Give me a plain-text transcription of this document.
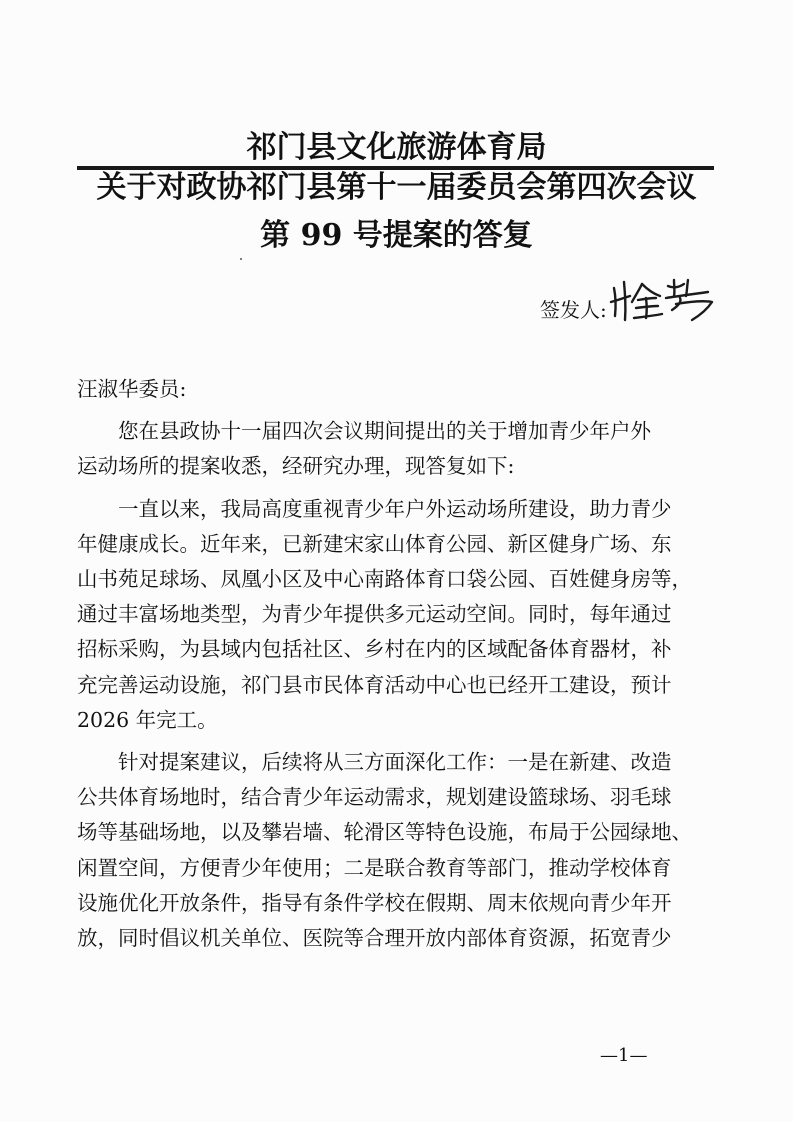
祁门县文化旅游体育局
关于对政协祁门县第十一届委员会第四次会议
第 99 号提案的答复
签发人:

汪淑华委员:

　　您在县政协十一届四次会议期间提出的关于增加青少年户外

运动场所的提案收悉，经研究办理，现答复如下:

　　一直以来，我局高度重视青少年户外运动场所建设，助力青少

年健康成长。近年来，已新建宋家山体育公园、新区健身广场、东

山书苑足球场、凤凰小区及中心南路体育口袋公园、百姓健身房等，

通过丰富场地类型，为青少年提供多元运动空间。同时，每年通过

招标采购，为县域内包括社区、乡村在内的区域配备体育器材，补

充完善运动设施，祁门县市民体育活动中心也已经开工建设，预计

2026 年完工。

　　针对提案建议，后续将从三方面深化工作：一是在新建、改造

公共体育场地时，结合青少年运动需求，规划建设篮球场、羽毛球

场等基础场地，以及攀岩墙、轮滑区等特色设施，布局于公园绿地、

闲置空间，方便青少年使用；二是联合教育等部门，推动学校体育

设施优化开放条件，指导有条件学校在假期、周末依规向青少年开

放，同时倡议机关单位、医院等合理开放内部体育资源，拓宽青少

—1—
